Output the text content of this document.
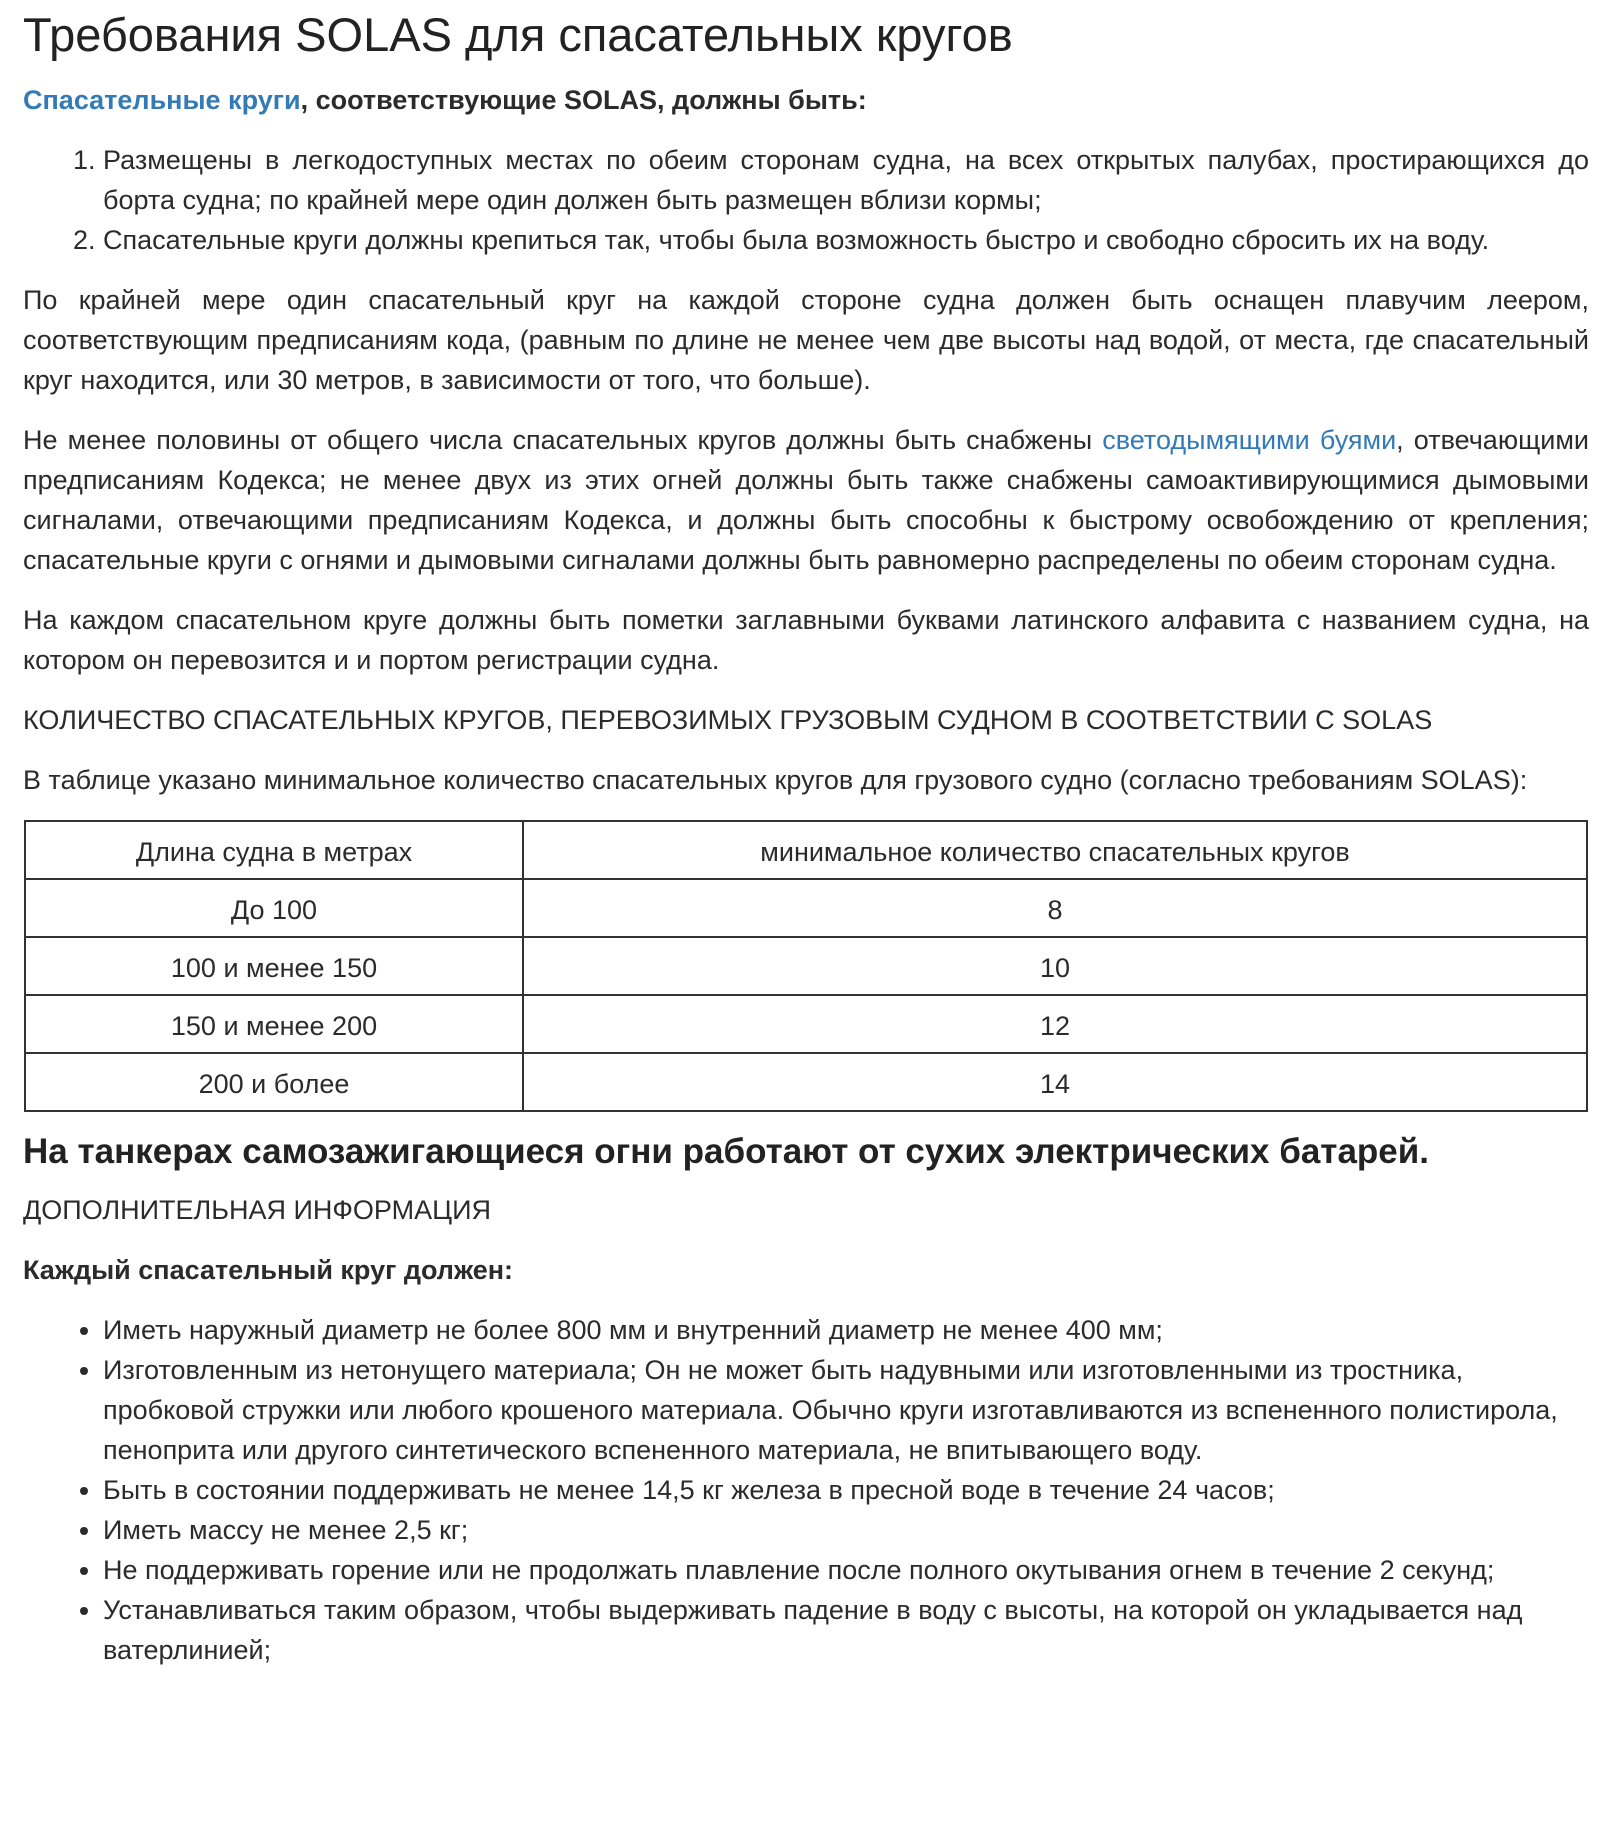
Требования SOLAS для спасательных кругов

Спасательные круги, соответствующие SOLAS, должны быть:

1. Размещены в легкодоступных местах по обеим сторонам судна, на всех открытых палубах, простирающихся до борта судна; по крайней мере один должен быть размещен вблизи кормы;
2. Спасательные круги должны крепиться так, чтобы была возможность быстро и свободно сбросить их на воду.

По крайней мере один спасательный круг на каждой стороне судна должен быть оснащен плавучим леером, соответствующим предписаниям кода, (равным по длине не менее чем две высоты над водой, от места, где спасательный круг находится, или 30 метров, в зависимости от того, что больше).

Не менее половины от общего числа спасательных кругов должны быть снабжены светодымящими буями, отвечающими предписаниям Кодекса; не менее двух из этих огней должны быть также снабжены самоактивирующимися дымовыми сигналами, отвечающими предписаниям Кодекса, и должны быть способны к быстрому освобождению от крепления; спасательные круги с огнями и дымовыми сигналами должны быть равномерно распределены по обеим сторонам судна.

На каждом спасательном круге должны быть пометки заглавными буквами латинского алфавита с названием судна, на котором он перевозится и и портом регистрации судна.

КОЛИЧЕСТВО СПАСАТЕЛЬНЫХ КРУГОВ, ПЕРЕВОЗИМЫХ ГРУЗОВЫМ СУДНОМ В СООТВЕТСТВИИ С SOLAS

В таблице указано минимальное количество спасательных кругов для грузового судно (согласно требованиям SOLAS):

Длина судна в метрах	минимальное количество спасательных кругов
До 100	8
100 и менее 150	10
150 и менее 200	12
200 и более	14
На танкерах самозажигающиеся огни работают от сухих электрических батарей.

ДОПОЛНИТЕЛЬНАЯ ИНФОРМАЦИЯ

Каждый спасательный круг должен:

• Иметь наружный диаметр не более 800 мм и внутренний диаметр не менее 400 мм;
• Изготовленным из нетонущего материала; Он не может быть надувными или изготовленными из тростника, пробковой стружки или любого крошеного материала. Обычно круги изготавливаются из вспененного полистирола, пеноприта или другого синтетического вспененного материала, не впитывающего воду.
• Быть в состоянии поддерживать не менее 14,5 кг железа в пресной воде в течение 24 часов;
• Иметь массу не менее 2,5 кг;
• Не поддерживать горение или не продолжать плавление после полного окутывания огнем в течение 2 секунд;
• Устанавливаться таким образом, чтобы выдерживать падение в воду с высоты, на которой он укладывается над ватерлинией;
